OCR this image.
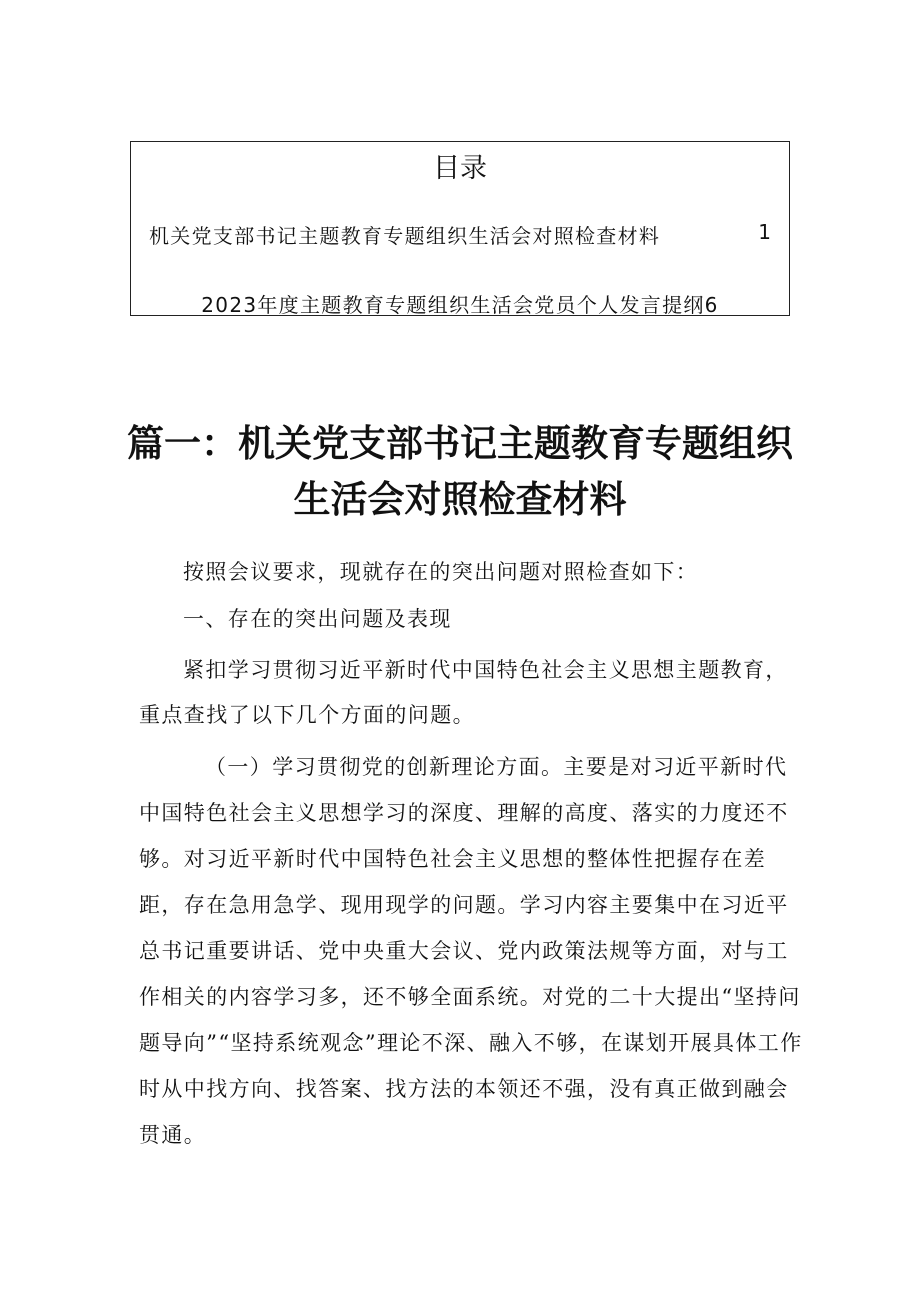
目录
机关党支部书记主题教育专题组织生活会对照检查材料	1
2023年度主题教育专题组织生活会党员个人发言提纲6
篇一：机关党支部书记主题教育专题组织生活会对照检查材料

按照会议要求，现就存在的突出问题对照检查如下：

一、存在的突出问题及表现

紧扣学习贯彻习近平新时代中国特色社会主义思想主题教育，重点查找了以下几个方面的问题。

（一）学习贯彻党的创新理论方面。主要是对习近平新时代中国特色社会主义思想学习的深度、理解的高度、落实的力度还不够。对习近平新时代中国特色社会主义思想的整体性把握存在差距，存在急用急学、现用现学的问题。学习内容主要集中在习近平总书记重要讲话、党中央重大会议、党内政策法规等方面，对与工作相关的内容学习多，还不够全面系统。对党的二十大提出“坚持问题导向”“坚持系统观念”理论不深、融入不够，在谋划开展具体工作时从中找方向、找答案、找方法的本领还不强，没有真正做到融会贯通。
